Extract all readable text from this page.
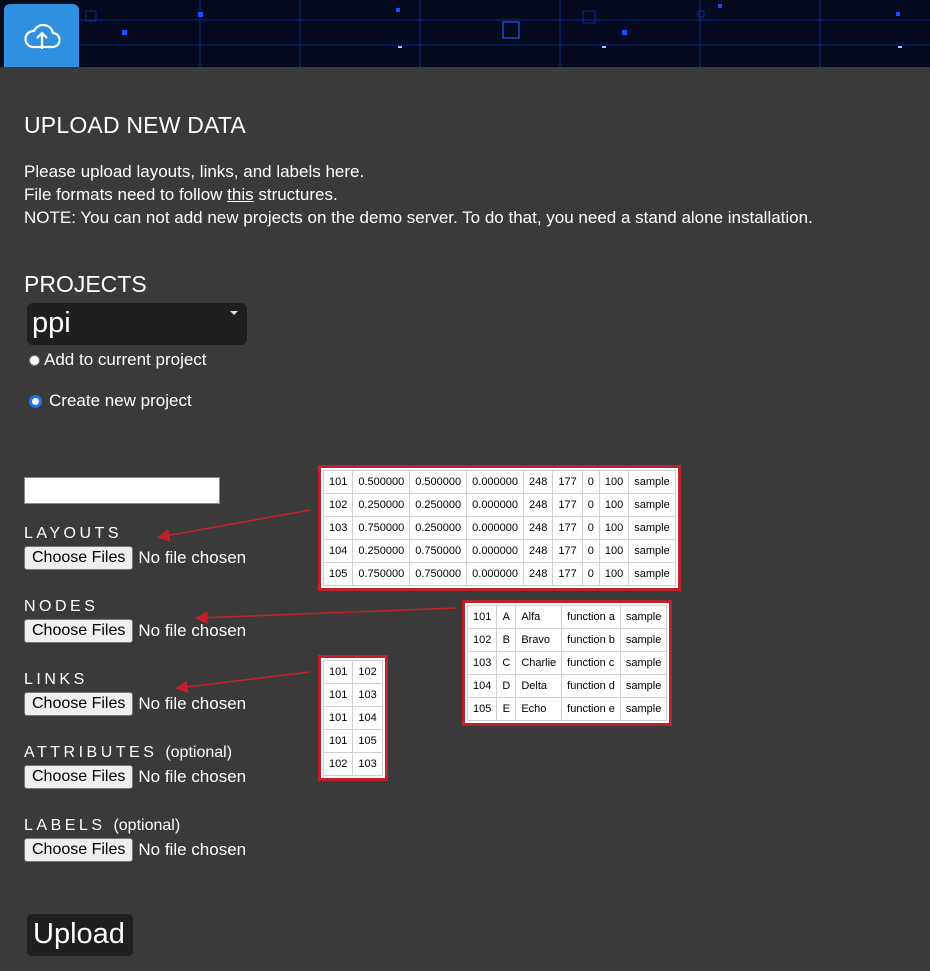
UPLOAD NEW DATA
Please upload layouts, links, and labels here.
File formats need to follow this structures.
NOTE: You can not add new projects on the demo server. To do that, you need a stand alone installation.
PROJECTS
ppi
Add to current project
Create new project
LAYOUTS
Choose Files No file chosen
NODES
Choose Files No file chosen
LINKS
Choose Files No file chosen
ATTRIBUTES (optional)
Choose Files No file chosen
LABELS (optional)
Choose Files No file chosen
Upload
101	0.500000	0.500000	0.000000	248	177	0	100	sample
102	0.250000	0.250000	0.000000	248	177	0	100	sample
103	0.750000	0.250000	0.000000	248	177	0	100	sample
104	0.250000	0.750000	0.000000	248	177	0	100	sample
105	0.750000	0.750000	0.000000	248	177	0	100	sample
101	A	Alfa	function a	sample
102	B	Bravo	function b	sample
103	C	Charlie	function c	sample
104	D	Delta	function d	sample
105	E	Echo	function e	sample
101	102
101	103
101	104
101	105
102	103
